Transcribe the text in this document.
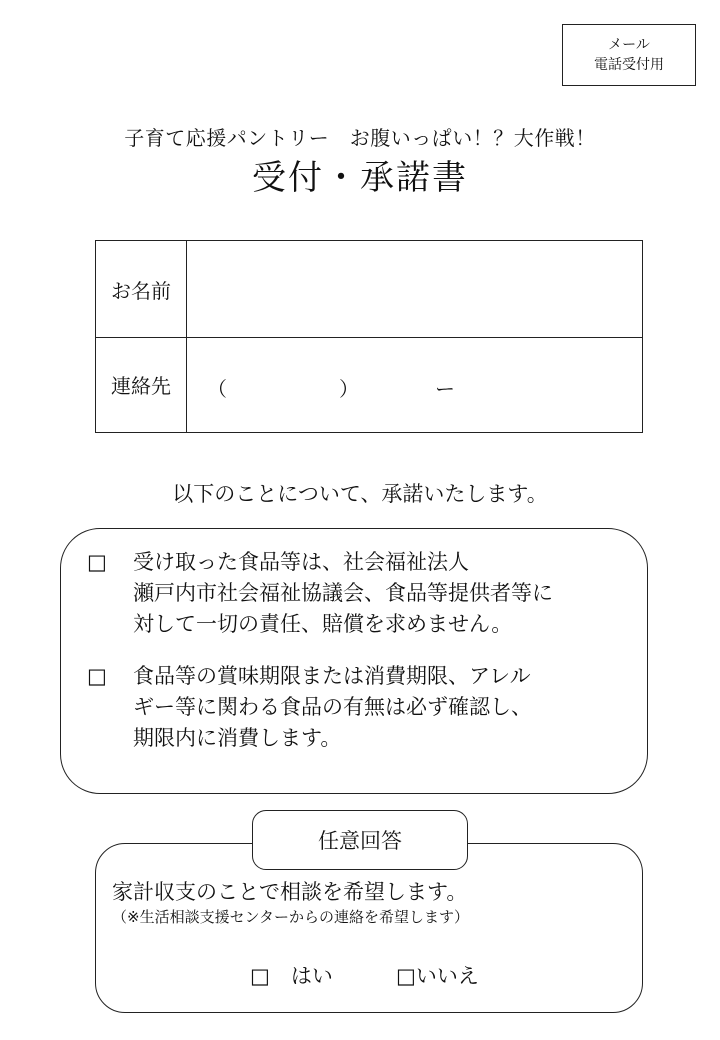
メール
電話受付用
子育て応援パントリー　お腹いっぱい！？大作戦！
受付・承諾書
お名前
連絡先	（	）	ー
以下のことについて、承諾いたします。
□ 受け取った食品等は、社会福祉法人
瀬戸内市社会福祉協議会、食品等提供者等に
対して一切の責任、賠償を求めません。
□ 食品等の賞味期限または消費期限、アレル
ギー等に関わる食品の有無は必ず確認し、
期限内に消費します。
任意回答
家計収支のことで相談を希望します。
（※生活相談支援センターからの連絡を希望します）
□　はい	□いいえ
